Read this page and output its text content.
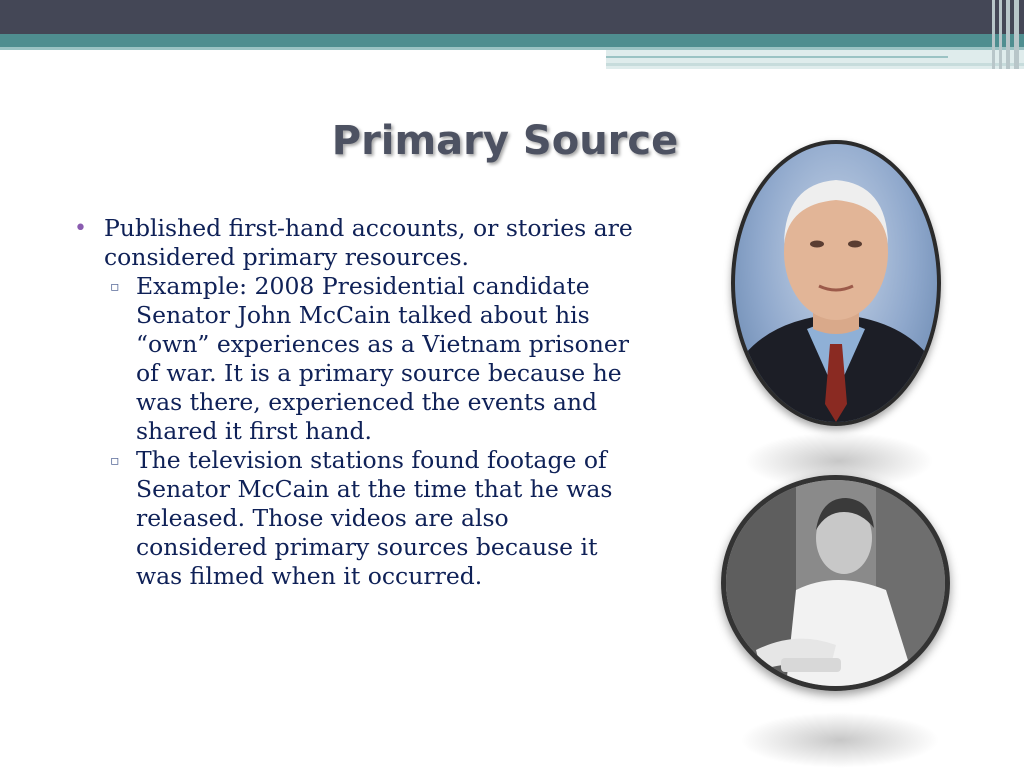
Primary Source

• Published first-hand accounts, or stories are considered primary resources.

▫ Example: 2008 Presidential candidate Senator John McCain talked about his “own” experiences as a Vietnam prisoner of war. It is a primary source because he was there, experienced the events and shared it first hand.

▫ The television stations found footage of Senator McCain at the time that he was released. Those videos are also considered primary sources because it was filmed when it occurred.
